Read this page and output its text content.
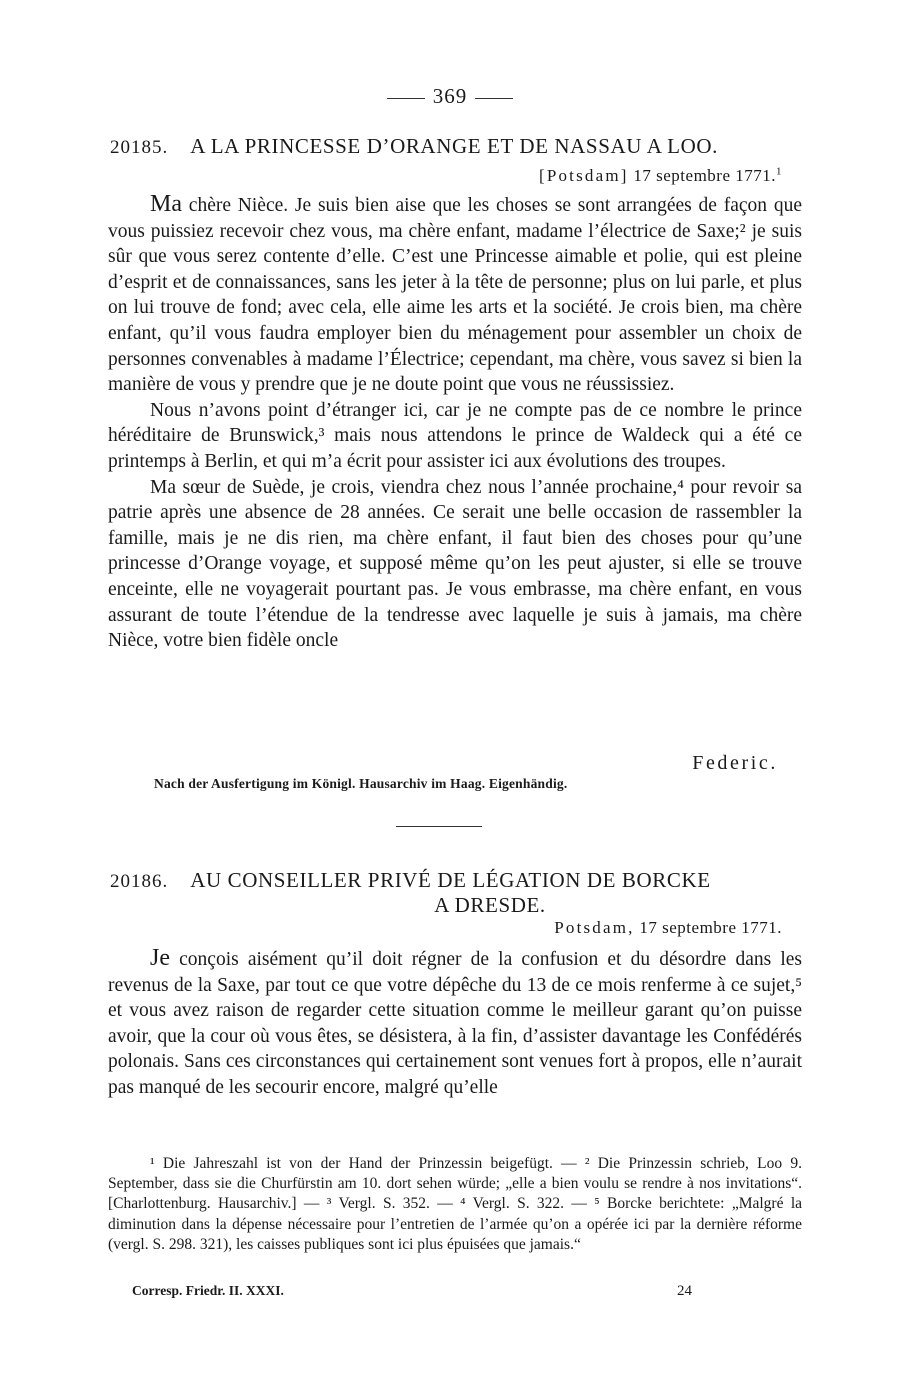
369
20185. A LA PRINCESSE D’ORANGE ET DE NASSAU A LOO.
[Potsdam] 17 septembre 1771.$^1$

Ma chère Nièce. Je suis bien aise que les choses se sont arrangées de façon que vous puissiez recevoir chez vous, ma chère enfant, madame l’électrice de Saxe;² je suis sûr que vous serez contente d’elle. C’est une Princesse aimable et polie, qui est pleine d’esprit et de connaissances, sans les jeter à la tête de personne; plus on lui parle, et plus on lui trouve de fond; avec cela, elle aime les arts et la société. Je crois bien, ma chère enfant, qu’il vous faudra employer bien du ménagement pour assembler un choix de personnes convenables à madame l’Électrice; cependant, ma chère, vous savez si bien la manière de vous y prendre que je ne doute point que vous ne réussissiez.

Nous n’avons point d’étranger ici, car je ne compte pas de ce nombre le prince héréditaire de Brunswick,³ mais nous attendons le prince de Waldeck qui a été ce printemps à Berlin, et qui m’a écrit pour assister ici aux évolutions des troupes.

Ma sœur de Suède, je crois, viendra chez nous l’année prochaine,⁴ pour revoir sa patrie après une absence de 28 années. Ce serait une belle occasion de rassembler la famille, mais je ne dis rien, ma chère enfant, il faut bien des choses pour qu’une princesse d’Orange voyage, et supposé même qu’on les peut ajuster, si elle se trouve enceinte, elle ne voyagerait pourtant pas. Je vous embrasse, ma chère enfant, en vous assurant de toute l’étendue de la tendresse avec laquelle je suis à jamais, ma chère Nièce, votre bien fidèle oncle

Federic.
Nach der Ausfertigung im Königl. Hausarchiv im Haag. Eigenhändig.
20186. AU CONSEILLER PRIVÉ DE LÉGATION DE BORCKE
A DRESDE.
Potsdam, 17 septembre 1771.

Je conçois aisément qu’il doit régner de la confusion et du désordre dans les revenus de la Saxe, par tout ce que votre dépêche du 13 de ce mois renferme à ce sujet,⁵ et vous avez raison de regarder cette situation comme le meilleur garant qu’on puisse avoir, que la cour où vous êtes, se désistera, à la fin, d’assister davantage les Confédérés polonais. Sans ces circonstances qui certainement sont venues fort à propos, elle n’aurait pas manqué de les secourir encore, malgré qu’elle

¹ Die Jahreszahl ist von der Hand der Prinzessin beigefügt. — ² Die Prinzessin schrieb, Loo 9. September, dass sie die Churfürstin am 10. dort sehen würde; „elle a bien voulu se rendre à nos invitations“. [Charlottenburg. Hausarchiv.] — ³ Vergl. S. 352. — ⁴ Vergl. S. 322. — ⁵ Borcke berichtete: „Malgré la diminution dans la dépense nécessaire pour l’entretien de l’armée qu’on a opérée ici par la dernière réforme (vergl. S. 298. 321), les caisses publiques sont ici plus épuisées que jamais.“

Corresp. Friedr. II. XXXI.	24
